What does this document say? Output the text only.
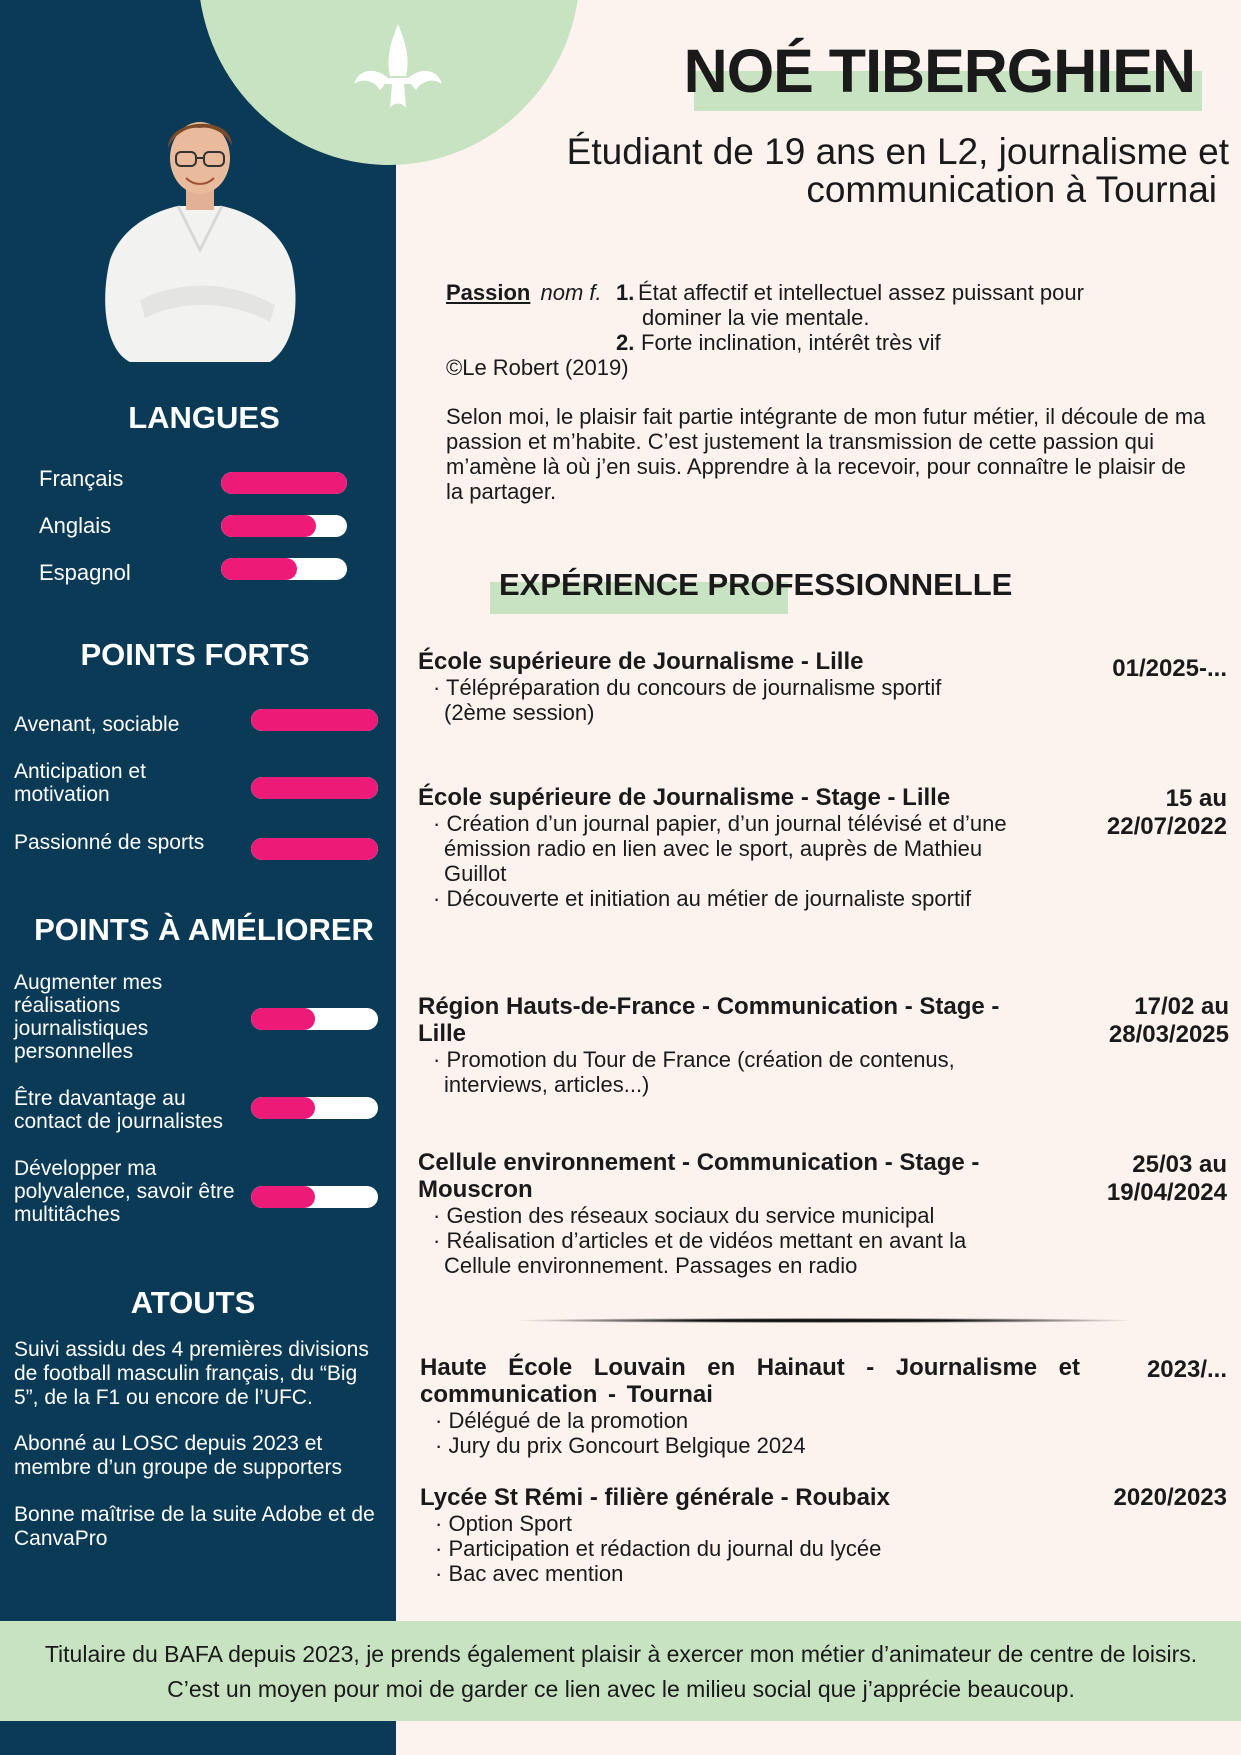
LANGUES
Français
Anglais
Espagnol
POINTS FORTS
Avenant, sociable
Anticipation et
motivation
Passionné de sports
POINTS À AMÉLIORER
Augmenter mes
réalisations
journalistiques
personnelles
Être davantage au
contact de journalistes
Développer ma
polyvalence, savoir être
multitâches
ATOUTS
Suivi assidu des 4 premières divisions de football masculin français, du “Big 5”, de la F1 ou encore de l’UFC.
Abonné au LOSC depuis 2023 et membre d’un groupe de supporters
Bonne maîtrise de la suite Adobe et de CanvaPro
NOÉ TIBERGHIEN
Étudiant de 19 ans en L2, journalisme et
communication à Tournai
Passion nom f. 1. État affectif et intellectuel assez puissant pour
dominer la vie mentale.
2. Forte inclination, intérêt très vif
©Le Robert (2019)
Selon moi, le plaisir fait partie intégrante de mon futur métier, il découle de ma passion et m’habite. C’est justement la transmission de cette passion qui m’amène là où j’en suis. Apprendre à la recevoir, pour connaître le plaisir de la partager.
EXPÉRIENCE PROFESSIONNELLE
École supérieure de Journalisme - Lille
· Télépréparation du concours de journalisme sportif (2ème session)
01/2025-...
École supérieure de Journalisme - Stage - Lille
· Création d’un journal papier, d’un journal télévisé et d’une émission radio en lien avec le sport, auprès de Mathieu Guillot
· Découverte et initiation au métier de journaliste sportif
15 au
22/07/2022
Région Hauts-de-France - Communication - Stage - Lille
· Promotion du Tour de France (création de contenus, interviews, articles...)
17/02 au
28/03/2025
Cellule environnement - Communication - Stage - Mouscron
· Gestion des réseaux sociaux du service municipal
· Réalisation d’articles et de vidéos mettant en avant la Cellule environnement. Passages en radio
25/03 au
19/04/2024
Haute École Louvain en Hainaut - Journalisme et communication - Tournai
· Délégué de la promotion
· Jury du prix Goncourt Belgique 2024
2023/...
Lycée St Rémi - filière générale - Roubaix
· Option Sport
· Participation et rédaction du journal du lycée
· Bac avec mention
2020/2023
Titulaire du BAFA depuis 2023, je prends également plaisir à exercer mon métier d’animateur de centre de loisirs. C’est un moyen pour moi de garder ce lien avec le milieu social que j’apprécie beaucoup.
